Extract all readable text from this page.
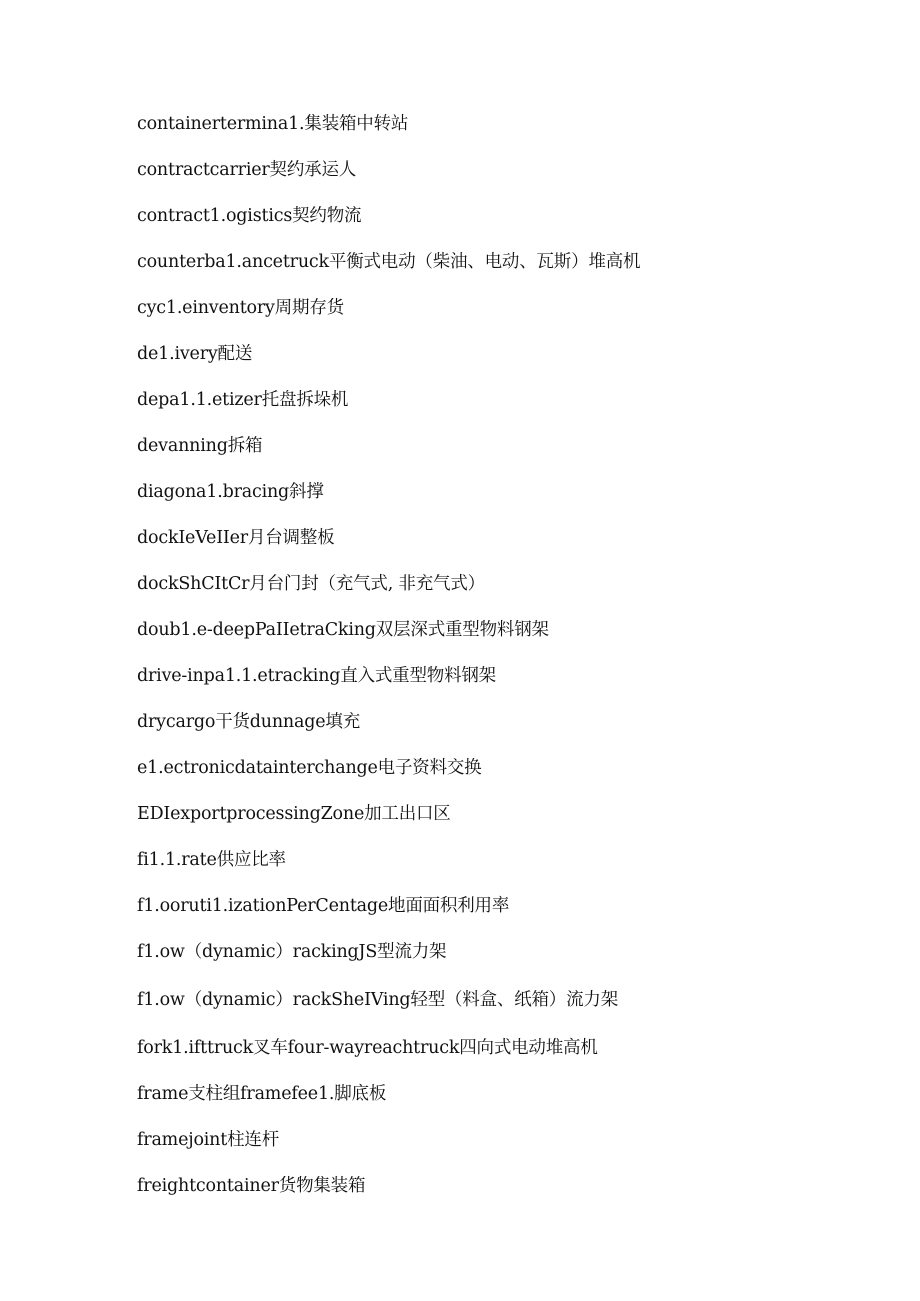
containertermina1.集装箱中转站
contractcarrier契约承运人
contract1.ogistics契约物流
counterba1.ancetruck平衡式电动（柴油、电动、瓦斯）堆高机
cyc1.einventory周期存货
de1.ivery配送
depa1.1.etizer托盘拆垛机
devanning拆箱
diagona1.bracing斜撑
dockIeVeIIer月台调整板
dockShCItCr月台门封（充气式, 非充气式）
doub1.e-deepPaIIetraCking双层深式重型物料钢架
drive-inpa1.1.etracking直入式重型物料钢架
drycargo干货dunnage填充
e1.ectronicdatainterchange电子资料交换
EDIexportprocessingZone加工出口区
fi1.1.rate供应比率
f1.ooruti1.izationPerCentage地面面积利用率
f1.ow（dynamic）rackingJS型流力架
f1.ow（dynamic）rackSheIVing轻型（料盒、纸箱）流力架
fork1.ifttruck叉车four-wayreachtruck四向式电动堆高机
frame支柱组framefee1.脚底板
framejoint柱连杆
freightcontainer货物集装箱
